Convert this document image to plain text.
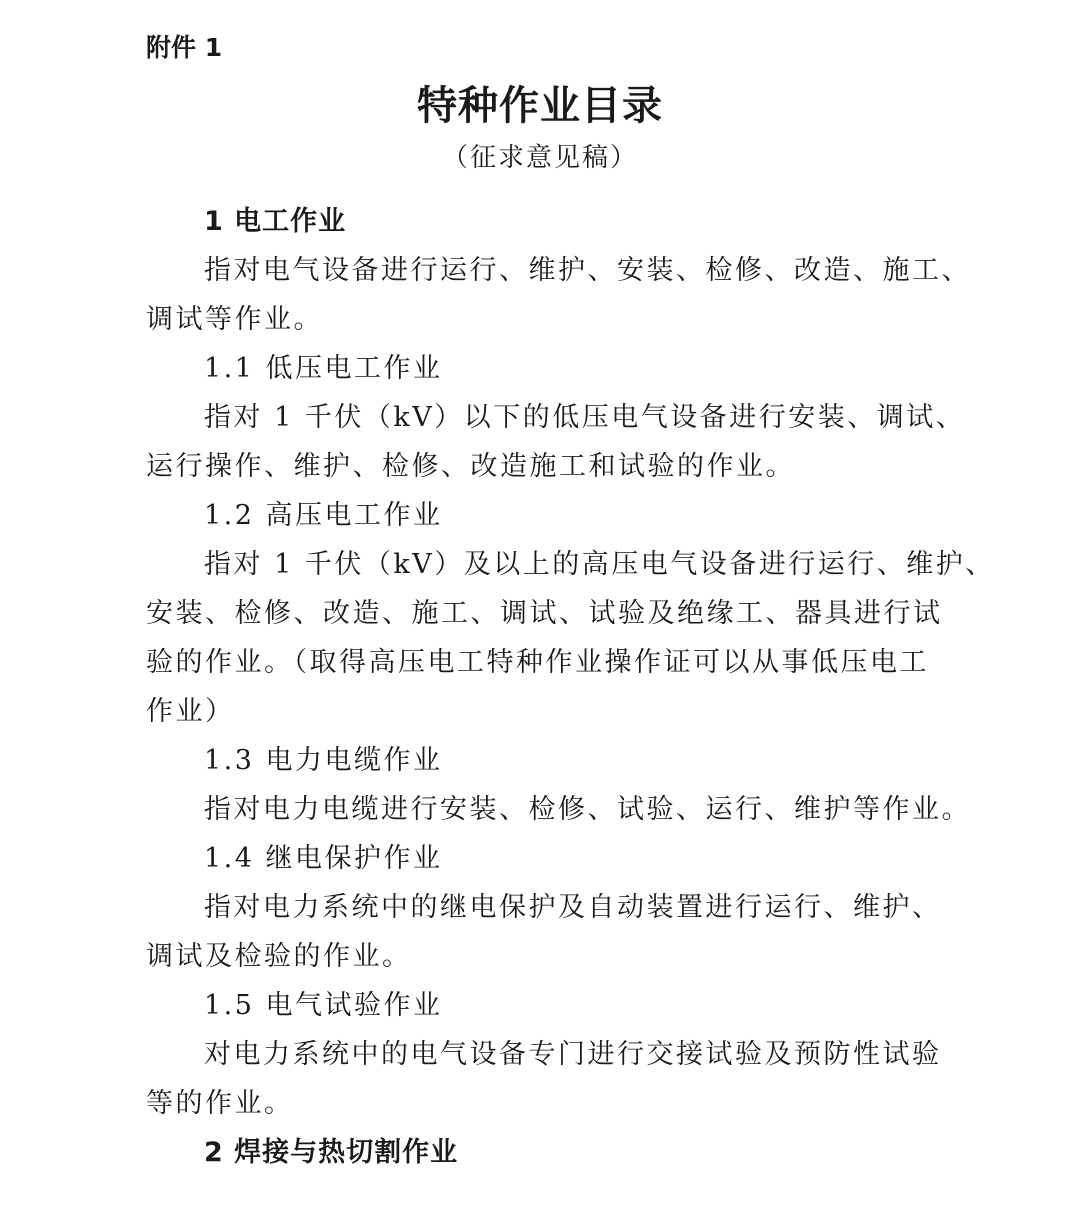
附件 1

特种作业目录

（征求意见稿）

1 电工作业

指对电气设备进行运行、维护、安装、检修、改造、施工、

调试等作业。

1.1 低压电工作业

指对 1 千伏（kV）以下的低压电气设备进行安装、调试、

运行操作、维护、检修、改造施工和试验的作业。

1.2 高压电工作业

指对 1 千伏（kV）及以上的高压电气设备进行运行、维护、

安装、检修、改造、施工、调试、试验及绝缘工、器具进行试

验的作业。（取得高压电工特种作业操作证可以从事低压电工

作业）

1.3 电力电缆作业

指对电力电缆进行安装、检修、试验、运行、维护等作业。

1.4 继电保护作业

指对电力系统中的继电保护及自动装置进行运行、维护、

调试及检验的作业。

1.5 电气试验作业

对电力系统中的电气设备专门进行交接试验及预防性试验

等的作业。

2 焊接与热切割作业
